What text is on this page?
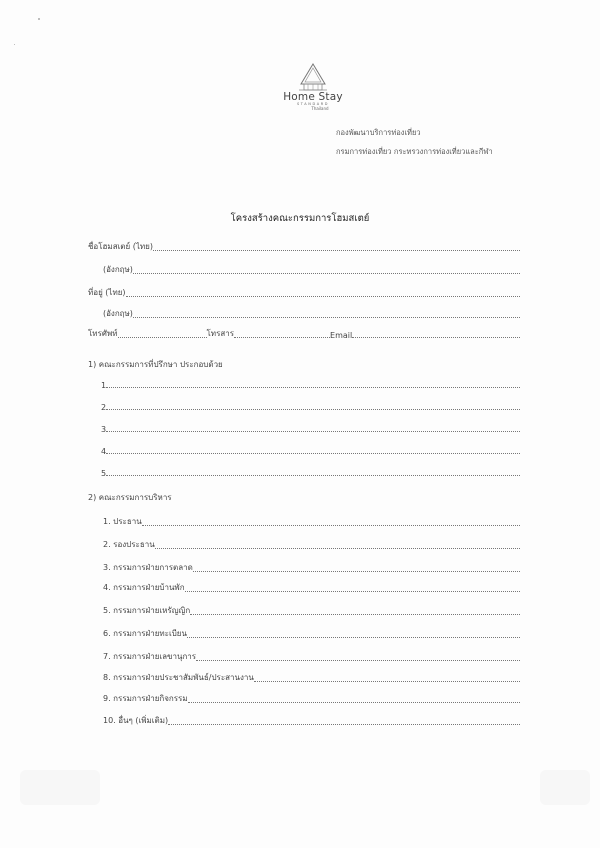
Home Stay
STANDARD
Thailand
กองพัฒนาบริการท่องเที่ยว
กรมการท่องเที่ยว กระทรวงการท่องเที่ยวและกีฬา
โครงสร้างคณะกรรมการโฮมสเตย์
ชื่อโฮมสเตย์ (ไทย)
(อังกฤษ)
ที่อยู่ (ไทย)
(อังกฤษ)
โทรศัพท์	โทรสาร	Email
1) คณะกรรมการที่ปรึกษา ประกอบด้วย
1
2
3
4
5
2) คณะกรรมการบริหาร
1. ประธาน
2. รองประธาน
3. กรรมการฝ่ายการตลาด
4. กรรมการฝ่ายบ้านพัก
5. กรรมการฝ่ายเหรัญญิก
6. กรรมการฝ่ายทะเบียน
7. กรรมการฝ่ายเลขานุการ
8. กรรมการฝ่ายประชาสัมพันธ์/ประสานงาน
9. กรรมการฝ่ายกิจกรรม
10. อื่นๆ (เพิ่มเติม)
